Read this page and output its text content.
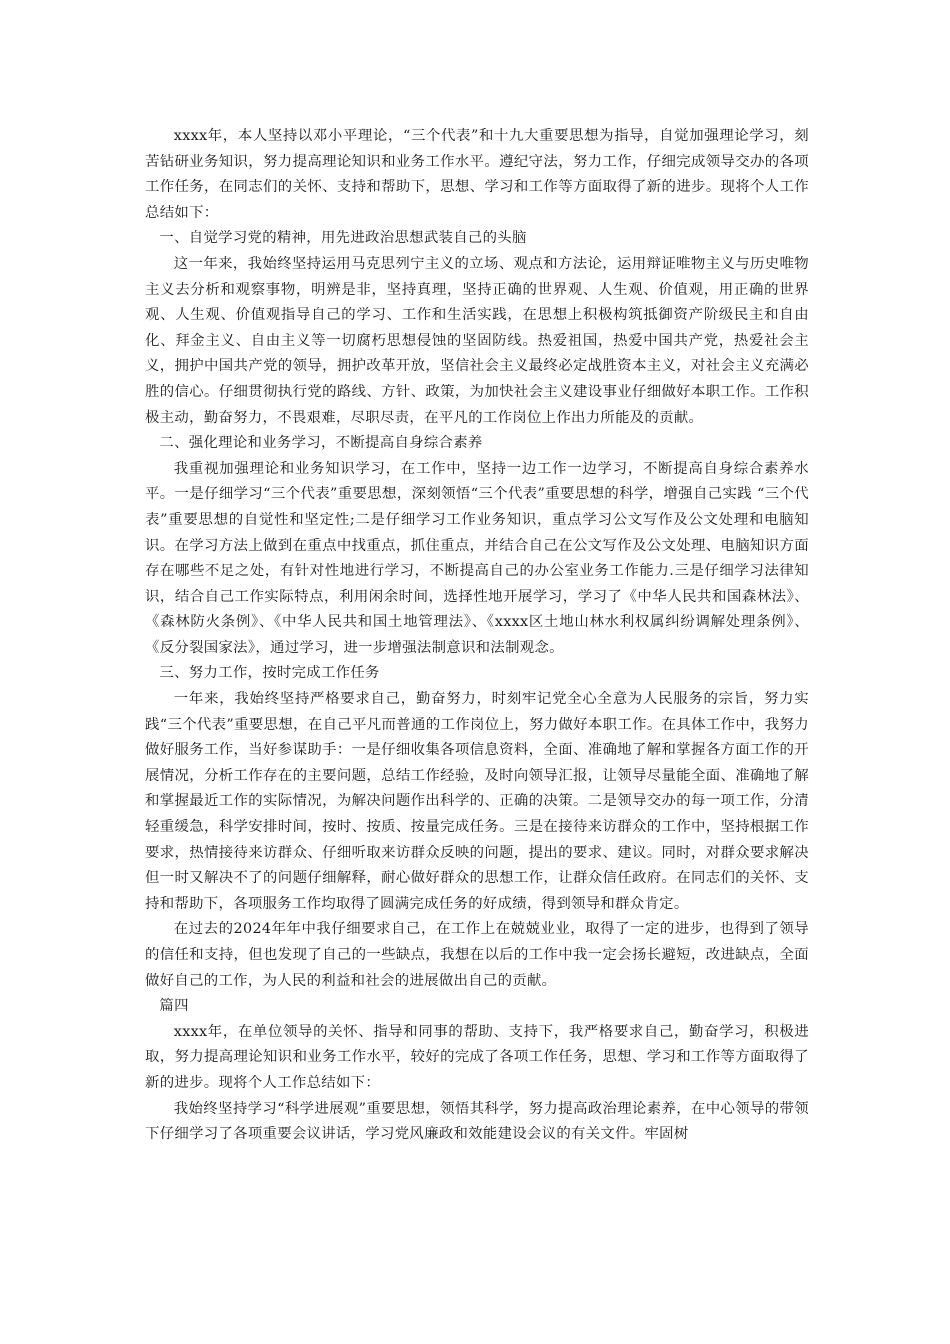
xxxx年，本人坚持以邓小平理论，“三个代表”和十九大重要思想为指导，自觉加强理论学习，刻苦钻研业务知识，努力提高理论知识和业务工作水平。遵纪守法，努力工作，仔细完成领导交办的各项工作任务，在同志们的关怀、支持和帮助下，思想、学习和工作等方面取得了新的进步。现将个人工作总结如下：

一、自觉学习党的精神，用先进政治思想武装自己的头脑

这一年来，我始终坚持运用马克思列宁主义的立场、观点和方法论，运用辩证唯物主义与历史唯物主义去分析和观察事物，明辨是非，坚持真理，坚持正确的世界观、人生观、价值观，用正确的世界观、人生观、价值观指导自己的学习、工作和生活实践，在思想上积极构筑抵御资产阶级民主和自由化、拜金主义、自由主义等一切腐朽思想侵蚀的坚固防线。热爱祖国，热爱中国共产党，热爱社会主义，拥护中国共产党的领导，拥护改革开放，坚信社会主义最终必定战胜资本主义，对社会主义充满必胜的信心。仔细贯彻执行党的路线、方针、政策，为加快社会主义建设事业仔细做好本职工作。工作积极主动，勤奋努力，不畏艰难，尽职尽责，在平凡的工作岗位上作出力所能及的贡献。

二、强化理论和业务学习，不断提高自身综合素养

我重视加强理论和业务知识学习，在工作中，坚持一边工作一边学习，不断提高自身综合素养水平。一是仔细学习“三个代表”重要思想，深刻领悟“三个代表”重要思想的科学，增强自己实践 “三个代表”重要思想的自觉性和坚定性;二是仔细学习工作业务知识，重点学习公文写作及公文处理和电脑知识。在学习方法上做到在重点中找重点，抓住重点，并结合自己在公文写作及公文处理、电脑知识方面存在哪些不足之处，有针对性地进行学习，不断提高自己的办公室业务工作能力.三是仔细学习法律知识，结合自己工作实际特点，利用闲余时间，选择性地开展学习，学习了《中华人民共和国森林法》、《森林防火条例》、《中华人民共和国土地管理法》、《xxxx区土地山林水利权属纠纷调解处理条例》、《反分裂国家法》，通过学习，进一步增强法制意识和法制观念。

三、努力工作，按时完成工作任务

一年来，我始终坚持严格要求自己，勤奋努力，时刻牢记党全心全意为人民服务的宗旨，努力实践“三个代表”重要思想，在自己平凡而普通的工作岗位上，努力做好本职工作。在具体工作中，我努力做好服务工作，当好参谋助手：一是仔细收集各项信息资料，全面、准确地了解和掌握各方面工作的开展情况，分析工作存在的主要问题，总结工作经验，及时向领导汇报，让领导尽量能全面、准确地了解和掌握最近工作的实际情况，为解决问题作出科学的、正确的决策。二是领导交办的每一项工作，分清轻重缓急，科学安排时间，按时、按质、按量完成任务。三是在接待来访群众的工作中，坚持根据工作要求，热情接待来访群众、仔细听取来访群众反映的问题，提出的要求、建议。同时，对群众要求解决但一时又解决不了的问题仔细解释，耐心做好群众的思想工作，让群众信任政府。在同志们的关怀、支持和帮助下，各项服务工作均取得了圆满完成任务的好成绩，得到领导和群众肯定。

在过去的2024年年中我仔细要求自己，在工作上在兢兢业业，取得了一定的进步，也得到了领导的信任和支持，但也发现了自己的一些缺点，我想在以后的工作中我一定会扬长避短，改进缺点，全面做好自己的工作，为人民的利益和社会的进展做出自己的贡献。

篇四

xxxx年，在单位领导的关怀、指导和同事的帮助、支持下，我严格要求自己，勤奋学习，积极进取，努力提高理论知识和业务工作水平，较好的完成了各项工作任务，思想、学习和工作等方面取得了新的进步。现将个人工作总结如下：

我始终坚持学习“科学进展观”重要思想，领悟其科学，努力提高政治理论素养，在中心领导的带领下仔细学习了各项重要会议讲话，学习党风廉政和效能建设会议的有关文件。牢固树
